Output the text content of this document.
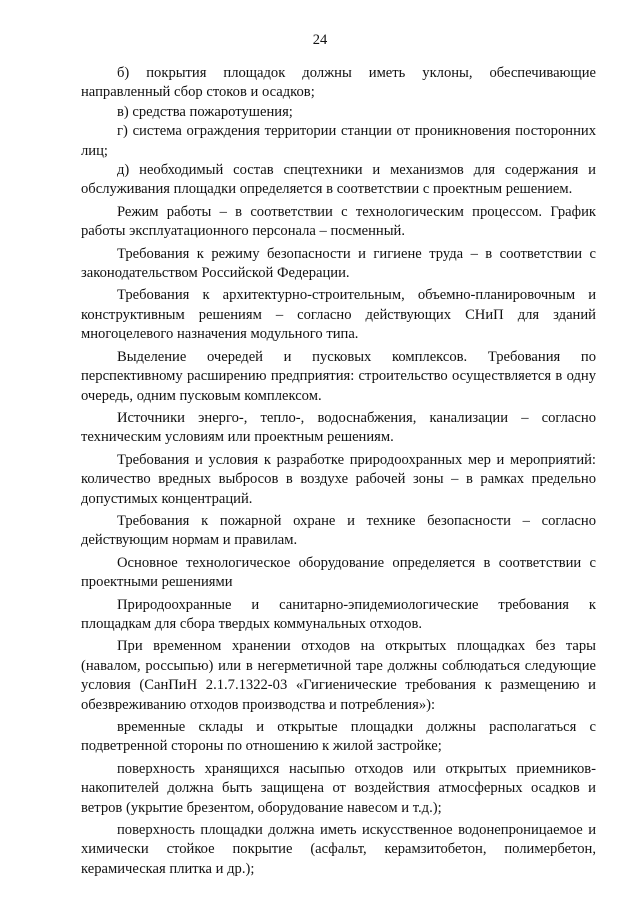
24

б) покрытия площадок должны иметь уклоны, обеспечивающие направленный сбор стоков и осадков;

в) средства пожаротушения;

г) система ограждения территории станции от проникновения посторонних лиц;

д) необходимый состав спецтехники и механизмов для содержания и обслуживания площадки определяется в соответствии с проектным решением.

Режим работы – в соответствии с технологическим процессом. График работы эксплуатационного персонала – посменный.

Требования к режиму безопасности и гигиене труда – в соответствии с законодательством Российской Федерации.

Требования к архитектурно-строительным, объемно-планировочным и конструктивным решениям – согласно действующих СНиП для зданий многоцелевого назначения модульного типа.

Выделение очередей и пусковых комплексов. Требования по перспективному расширению предприятия: строительство осуществляется в одну очередь, одним пусковым комплексом.

Источники энерго-, тепло-, водоснабжения, канализации – согласно техническим условиям или проектным решениям.

Требования и условия к разработке природоохранных мер и мероприятий: количество вредных выбросов в воздухе рабочей зоны – в рамках предельно допустимых концентраций.

Требования к пожарной охране и технике безопасности – согласно действующим нормам и правилам.

Основное технологическое оборудование определяется в соответствии с проектными решениями

Природоохранные и санитарно-эпидемиологические требования к площадкам для сбора твердых коммунальных отходов.

При временном хранении отходов на открытых площадках без тары (навалом, россыпью) или в негерметичной таре должны соблюдаться следующие условия (СанПиН 2.1.7.1322-03 «Гигиенические требования к размещению и обезвреживанию отходов производства и потребления»):

временные склады и открытые площадки должны располагаться с подветренной стороны по отношению к жилой застройке;

поверхность хранящихся насыпью отходов или открытых приемников-накопителей должна быть защищена от воздействия атмосферных осадков и ветров (укрытие брезентом, оборудование навесом и т.д.);

поверхность площадки должна иметь искусственное водонепроницаемое и химически стойкое покрытие (асфальт, керамзитобетон, полимербетон, керамическая плитка и др.);
